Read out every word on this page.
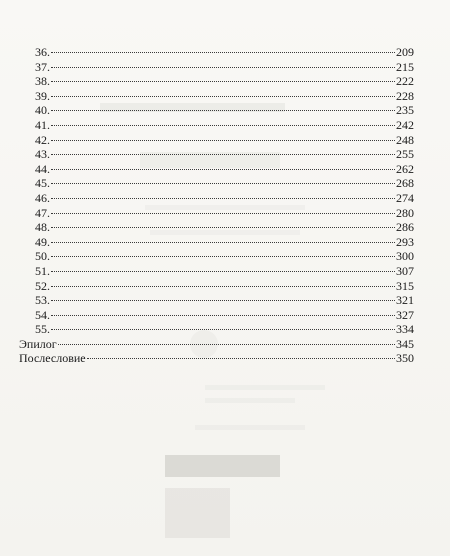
36.	209
37.	215
38.	222
39.	228
40.	235
41.	242
42.	248
43.	255
44.	262
45.	268
46.	274
47.	280
48.	286
49.	293
50.	300
51.	307
52.	315
53.	321
54.	327
55.	334
Эпилог	345
Послесловие	350
